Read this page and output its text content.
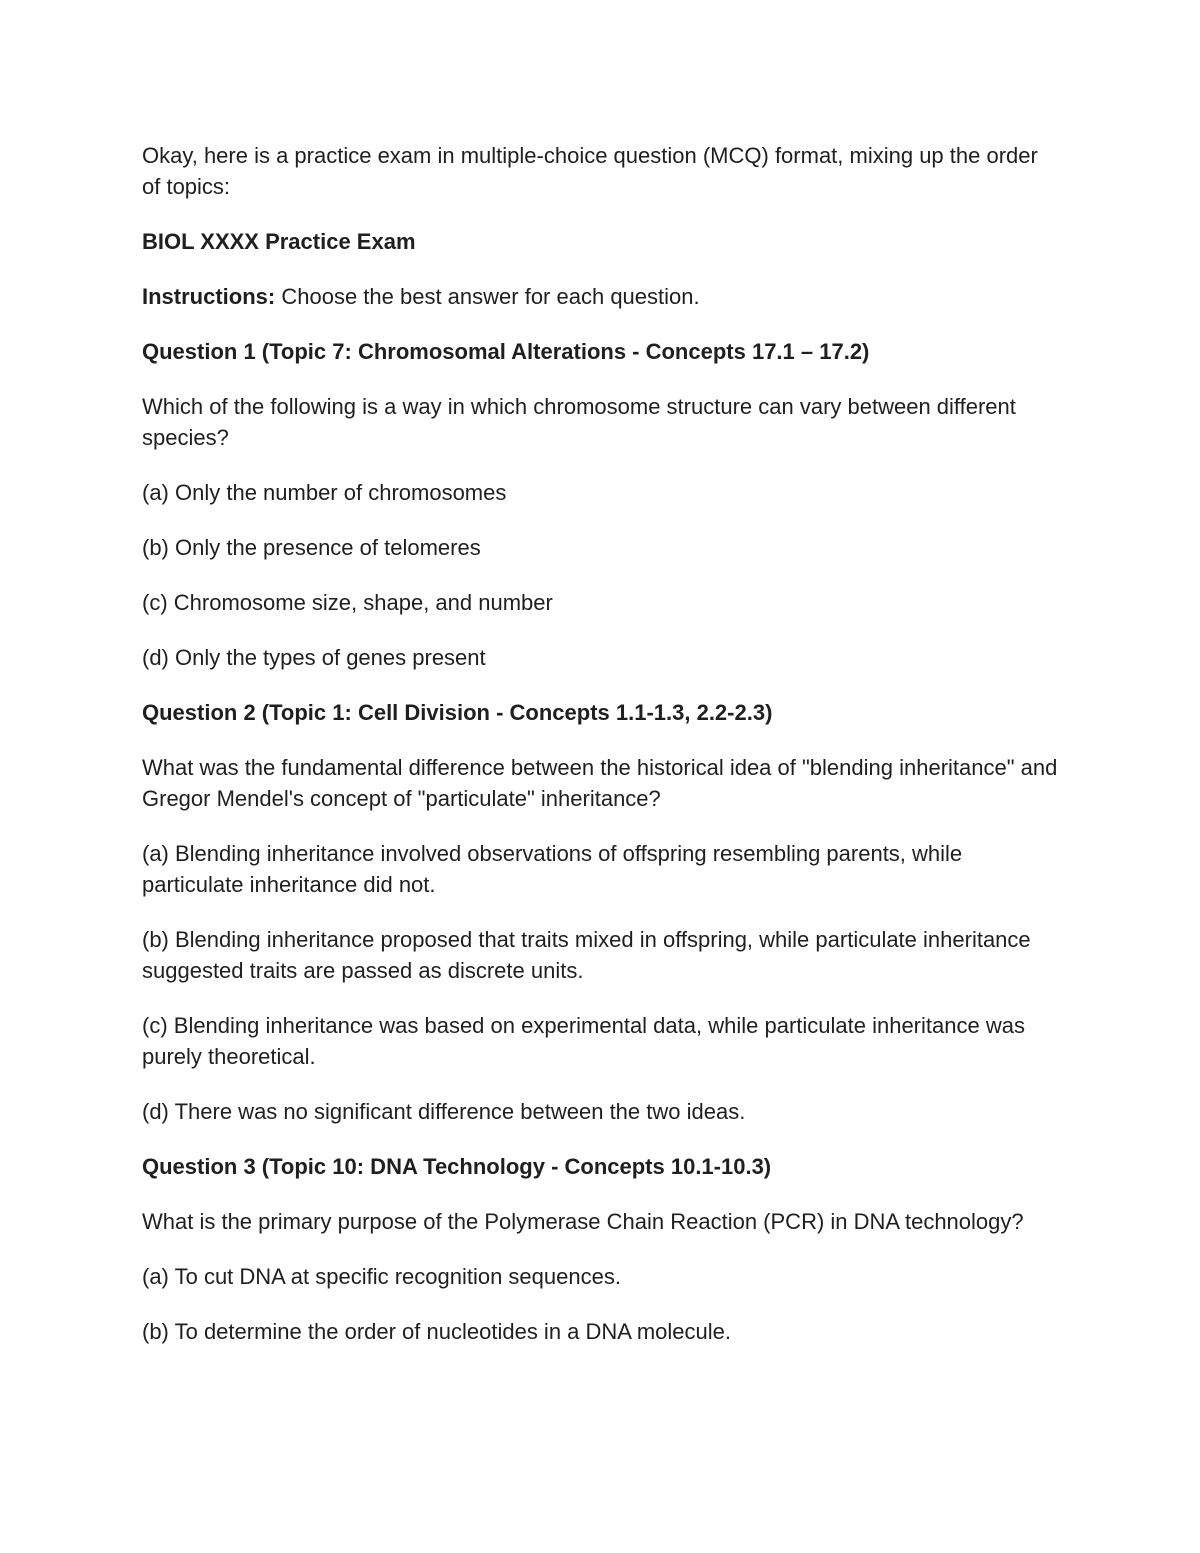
Okay, here is a practice exam in multiple-choice question (MCQ) format, mixing up the order of topics:

BIOL XXXX Practice Exam

Instructions: Choose the best answer for each question.

Question 1 (Topic 7: Chromosomal Alterations - Concepts 17.1 – 17.2)

Which of the following is a way in which chromosome structure can vary between different species?

(a) Only the number of chromosomes

(b) Only the presence of telomeres

(c) Chromosome size, shape, and number

(d) Only the types of genes present

Question 2 (Topic 1: Cell Division - Concepts 1.1-1.3, 2.2-2.3)

What was the fundamental difference between the historical idea of "blending inheritance" and Gregor Mendel's concept of "particulate" inheritance?

(a) Blending inheritance involved observations of offspring resembling parents, while particulate inheritance did not.

(b) Blending inheritance proposed that traits mixed in offspring, while particulate inheritance suggested traits are passed as discrete units.

(c) Blending inheritance was based on experimental data, while particulate inheritance was purely theoretical.

(d) There was no significant difference between the two ideas.

Question 3 (Topic 10: DNA Technology - Concepts 10.1-10.3)

What is the primary purpose of the Polymerase Chain Reaction (PCR) in DNA technology?

(a) To cut DNA at specific recognition sequences.

(b) To determine the order of nucleotides in a DNA molecule.
